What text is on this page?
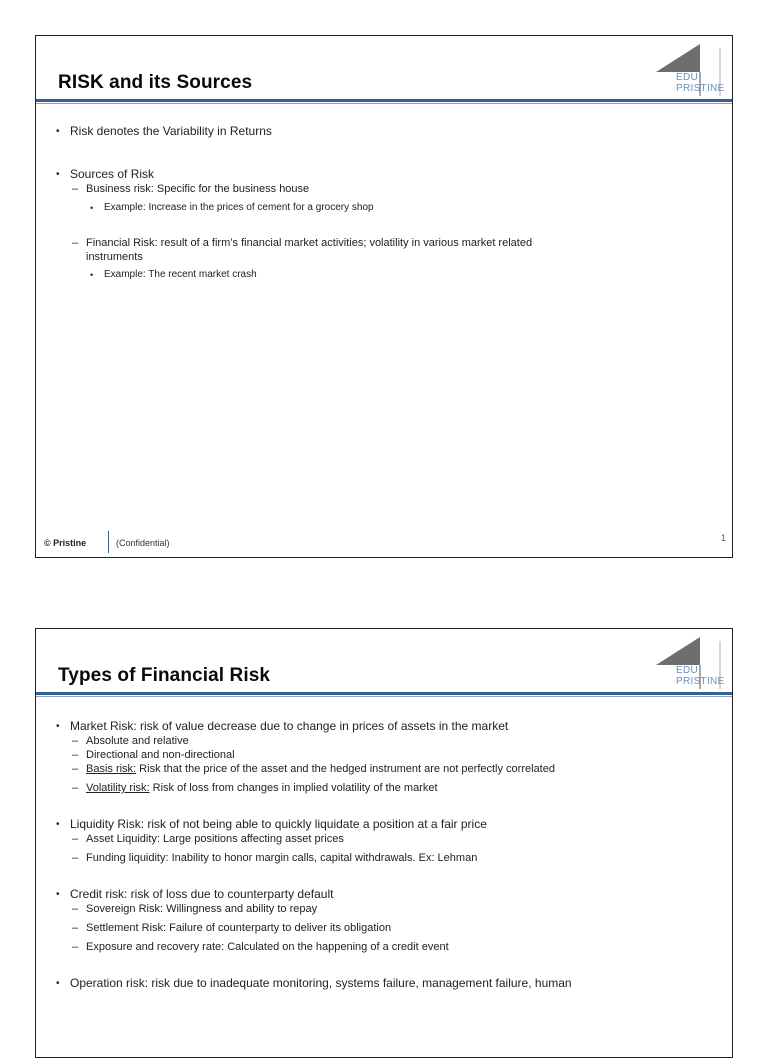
RISK and its Sources	EDU
PRISTINE
• Risk denotes the Variability in Returns
• Sources of Risk
– Business risk: Specific for the business house
• Example: Increase in the prices of cement for a grocery shop
– Financial Risk: result of a firm’s financial market activities; volatility in various market related
instruments
• Example: The recent market crash
© Pristine	(Confidential)	1
Types of Financial Risk	EDU
PRISTINE
• Market Risk: risk of value decrease due to change in prices of assets in the market
– Absolute and relative
– Directional and non-directional
– Basis risk: Risk that the price of the asset and the hedged instrument are not perfectly correlated
– Volatility risk: Risk of loss from changes in implied volatility of the market
• Liquidity Risk: risk of not being able to quickly liquidate a position at a fair price
– Asset Liquidity: Large positions affecting asset prices
– Funding liquidity: Inability to honor margin calls, capital withdrawals. Ex: Lehman
• Credit risk: risk of loss due to counterparty default
– Sovereign Risk: Willingness and ability to repay
– Settlement Risk: Failure of counterparty to deliver its obligation
– Exposure and recovery rate: Calculated on the happening of a credit event
• Operation risk: risk due to inadequate monitoring, systems failure, management failure, human
